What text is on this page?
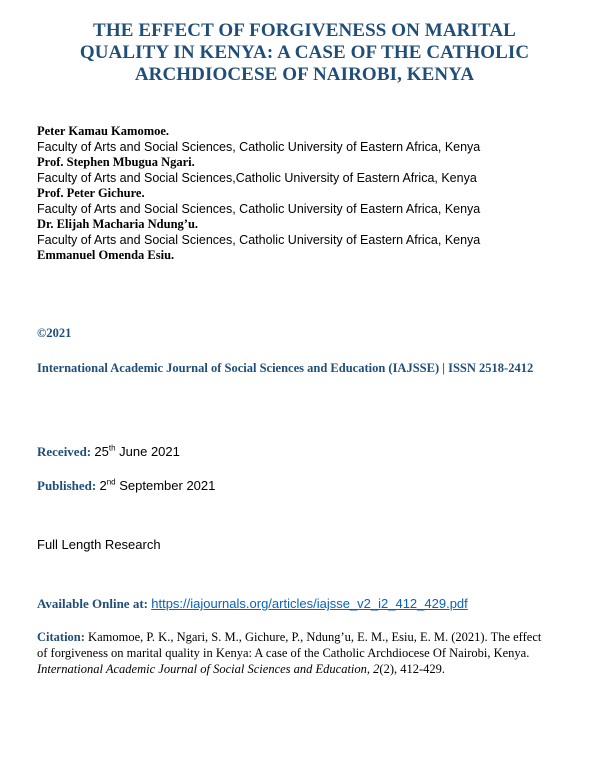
THE EFFECT OF FORGIVENESS ON MARITAL
QUALITY IN KENYA: A CASE OF THE CATHOLIC
ARCHDIOCESE OF NAIROBI, KENYA
Peter Kamau Kamomoe.
Faculty of Arts and Social Sciences, Catholic University of Eastern Africa, Kenya
Prof. Stephen Mbugua Ngari.
Faculty of Arts and Social Sciences,Catholic University of Eastern Africa, Kenya
Prof. Peter Gichure.
Faculty of Arts and Social Sciences, Catholic University of Eastern Africa, Kenya
Dr. Elijah Macharia Ndung’u.
Faculty of Arts and Social Sciences, Catholic University of Eastern Africa, Kenya
Emmanuel Omenda Esiu.
©2021
International Academic Journal of Social Sciences and Education (IAJSSE) | ISSN 2518-2412
Received: 25th June 2021
Published: 2nd September 2021
Full Length Research
Available Online at: https://iajournals.org/articles/iajsse_v2_i2_412_429.pdf
Citation: Kamomoe, P. K., Ngari, S. M., Gichure, P., Ndung’u, E. M., Esiu, E. M. (2021). The effect of forgiveness on marital quality in Kenya: A case of the Catholic Archdiocese Of Nairobi, Kenya. International Academic Journal of Social Sciences and Education, 2(2), 412-429.
